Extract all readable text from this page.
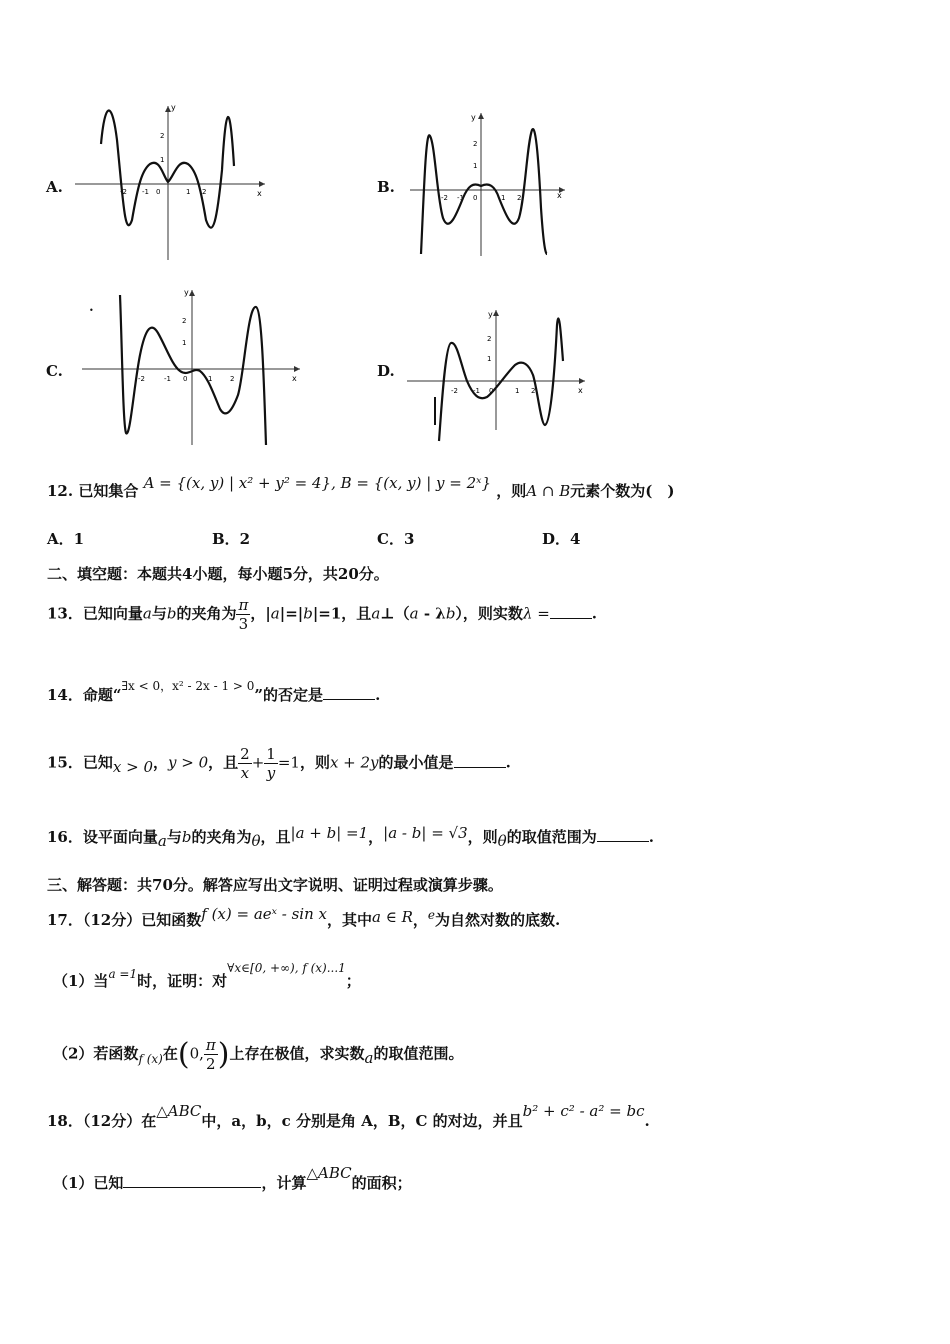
A.
y
x
2
1
-2 -1 0	1 2	B.
y
x
2
1
-2 -1 0	1 2
C.
•
y
x
2
1
-2	-1 0	1	2	D.
y
x
2
1
-2 -1 0	1 2
12. 已知集合 A = {(x, y) | x² + y² = 4}, B = {(x, y) | y = 2ˣ} ，则A ∩ B元素个数为(　)
A．1	B．2	C．3	D．4
二、填空题：本题共4小题，每小题5分，共20分。
13．已知向量a与b的夹角为 $\frac{\pi}{3}$ ，|a|=|b|=1，且a⊥（a - λb），则实数λ =	.
14．命题“$^{\exists x < 0,x^2 - 2x - 1 > 0}$”的否定是	.
15．已知x > 0，y > 0，且 $\frac{2}{x} + \frac{1}{y} =1$，则x + 2y的最小值是	.
16．设平面向量a与b的夹角为θ，且|a + b| =1，|a - b| = √3，则θ的取值范围为	.
三、解答题：共70分。解答应写出文字说明、证明过程或演算步骤。
17．（12分）已知函数f (x) = aeˣ - sin x，其中a ∈ R，$^e$为自然对数的底数.
（1）当$^{a =1}$时，证明：对$^{\forall x\in[0, +\infty), f (x)...1}$；
（2）若函数$_{f (x)}$在(0, $\frac{\pi}{2}$ )上存在极值，求实数a的取值范围。
18．（12分）在△ABC中，a，b，c 分别是角 A，B，C 的对边，并且b² + c² - a² = bc.
（1）已知	，计算△ABC的面积；
